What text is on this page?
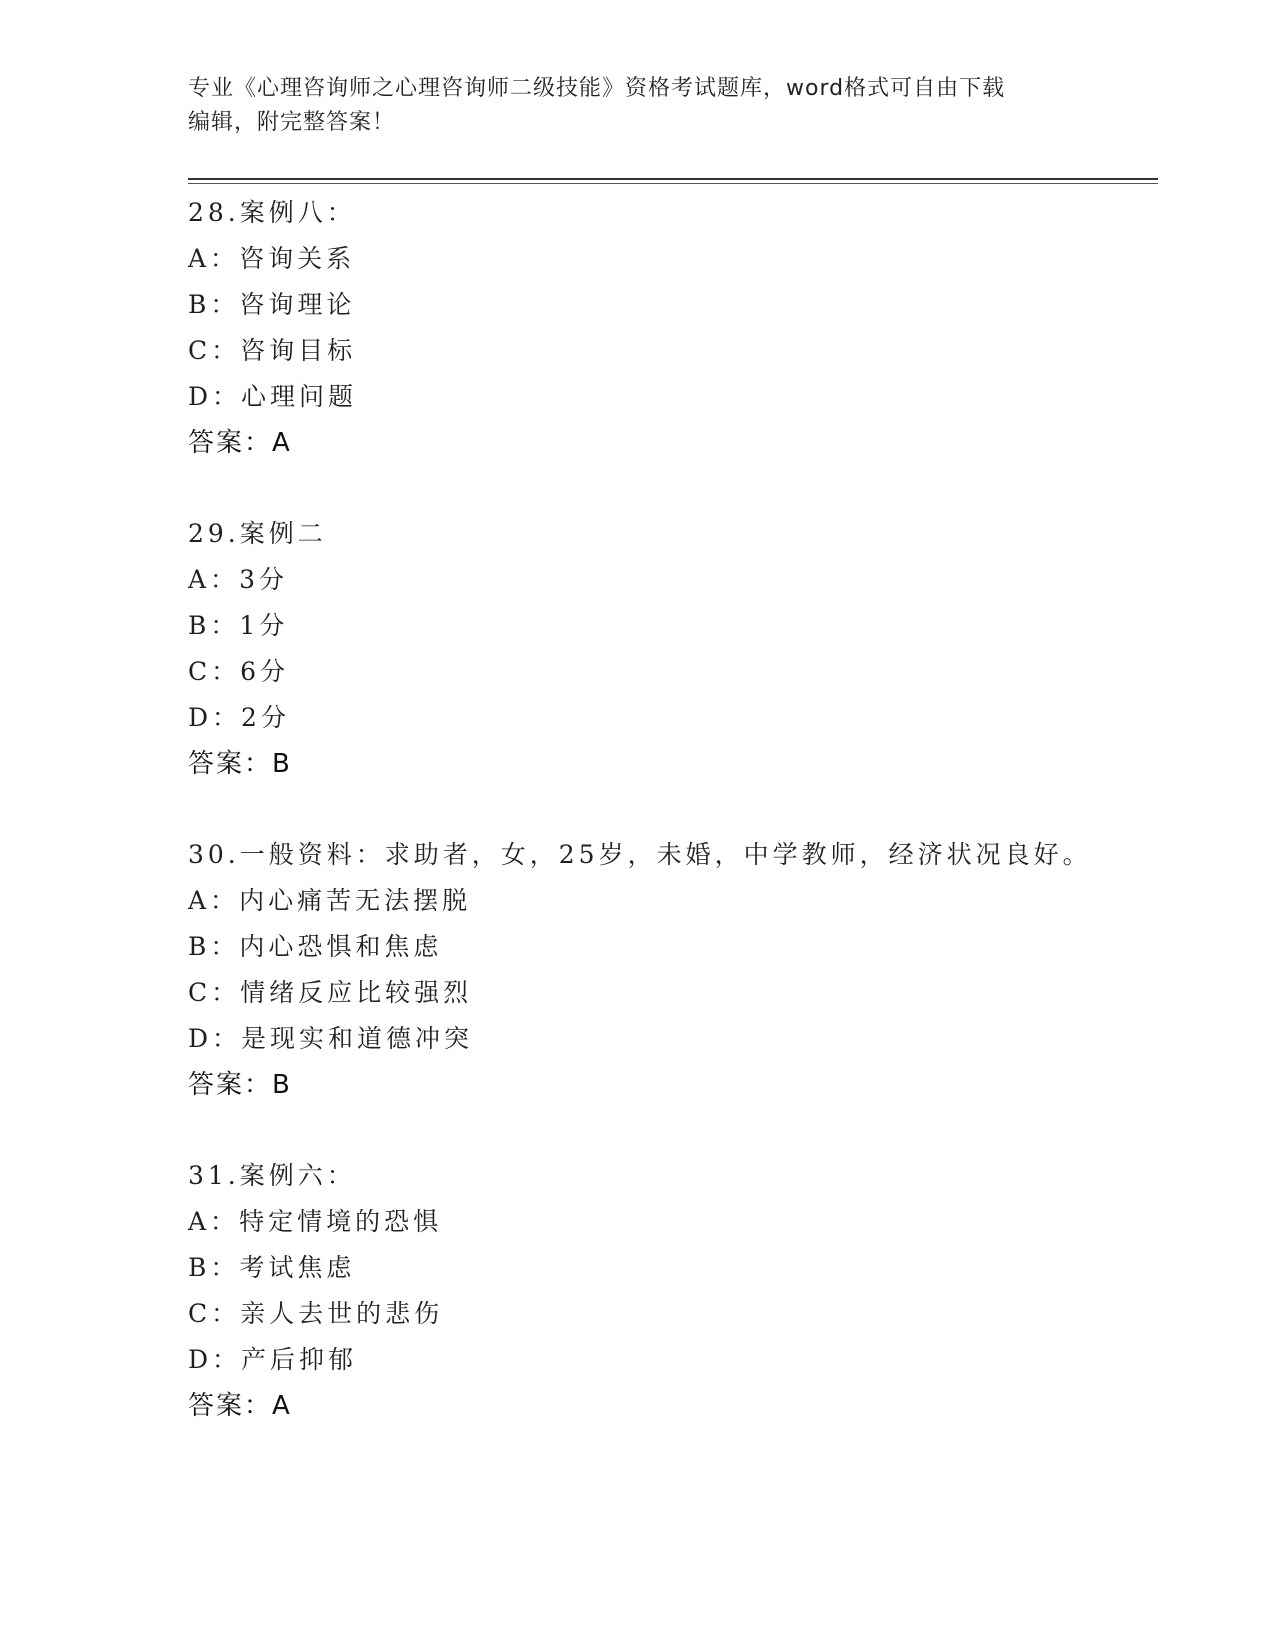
专业《心理咨询师之心理咨询师二级技能》资格考试题库，word格式可自由下载
编辑，附完整答案！
28.案例八：
A：咨询关系
B：咨询理论
C：咨询目标
D：心理问题
答案：A
29.案例二
A：3分
B：1分
C：6分
D：2分
答案：B
30.一般资料：求助者，女，25岁，未婚，中学教师，经济状况良好。
A：内心痛苦无法摆脱
B：内心恐惧和焦虑
C：情绪反应比较强烈
D：是现实和道德冲突
答案：B
31.案例六：
A：特定情境的恐惧
B：考试焦虑
C：亲人去世的悲伤
D：产后抑郁
答案：A
